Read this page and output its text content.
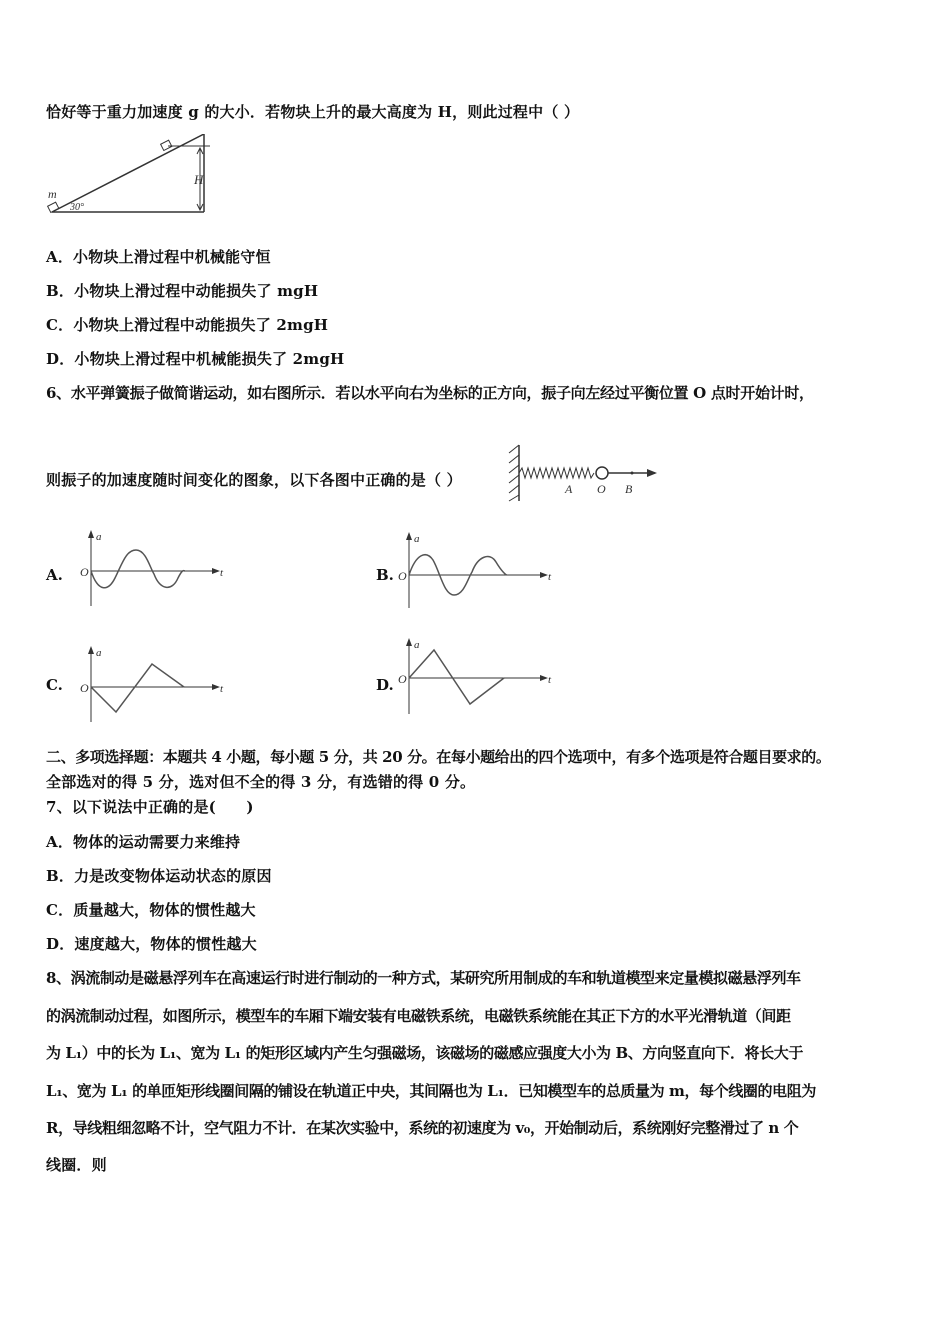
恰好等于重力加速度 g 的大小．若物块上升的最大高度为 H，则此过程中（ ）
m
30°
H
A．小物块上滑过程中机械能守恒
B．小物块上滑过程中动能损失了 mgH
C．小物块上滑过程中动能损失了 2mgH
D．小物块上滑过程中机械能损失了 2mgH
6、水平弹簧振子做简谐运动，如右图所示．若以水平向右为坐标的正方向，振子向左经过平衡位置 O 点时开始计时，
则振子的加速度随时间变化的图象，以下各图中正确的是（ ）	A O B
A.
a
t
O	B.
a
t
O
C.
a
t
O	D.
a
t
O
二、多项选择题：本题共 4 小题，每小题 5 分，共 20 分。在每小题给出的四个选项中，有多个选项是符合题目要求的。
全部选对的得 5 分，选对但不全的得 3 分，有选错的得 0 分。
7、以下说法中正确的是(　　)
A．物体的运动需要力来维持
B．力是改变物体运动状态的原因
C．质量越大，物体的惯性越大
D．速度越大，物体的惯性越大
8、涡流制动是磁悬浮列车在高速运行时进行制动的一种方式，某研究所用制成的车和轨道模型来定量模拟磁悬浮列车
的涡流制动过程，如图所示，模型车的车厢下端安装有电磁铁系统，电磁铁系统能在其正下方的水平光滑轨道（间距
为 L₁）中的长为 L₁、宽为 L₁ 的矩形区域内产生匀强磁场，该磁场的磁感应强度大小为 B、方向竖直向下．将长大于
L₁、宽为 L₁ 的单匝矩形线圈间隔的铺设在轨道正中央，其间隔也为 L₁．已知模型车的总质量为 m，每个线圈的电阻为
R，导线粗细忽略不计，空气阻力不计．在某次实验中，系统的初速度为 v₀，开始制动后，系统刚好完整滑过了 n 个
线圈．则
